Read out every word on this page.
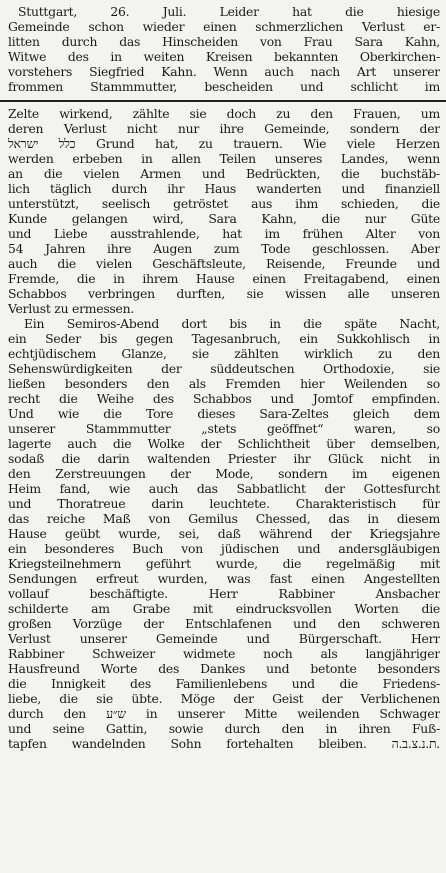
Stuttgart, 26. Juli. Leider hat die hiesige
Gemeinde schon wieder einen schmerzlichen Verlust er-
litten durch das Hinscheiden von Frau Sara Kahn,
Witwe des in weiten Kreisen bekannten Oberkirchen-
vorstehers Siegfried Kahn. Wenn auch nach Art unserer
frommen Stammmutter, bescheiden und schlicht im
Zelte wirkend, zählte sie doch zu den Frauen, um
deren Verlust nicht nur ihre Gemeinde, sondern der
כלל ישראל Grund hat, zu trauern. Wie viele Herzen
werden erbeben in allen Teilen unseres Landes, wenn
an die vielen Armen und Bedrückten, die buchstäb-
lich täglich durch ihr Haus wanderten und finanziell
unterstützt, seelisch getröstet aus ihm schieden, die
Kunde gelangen wird, Sara Kahn, die nur Güte
und Liebe ausstrahlende, hat im frühen Alter von
54 Jahren ihre Augen zum Tode geschlossen. Aber
auch die vielen Geschäftsleute, Reisende, Freunde und
Fremde, die in ihrem Hause einen Freitagabend, einen
Schabbos verbringen durften, sie wissen alle unseren
Verlust zu ermessen.
Ein Semiros-Abend dort bis in die späte Nacht,
ein Seder bis gegen Tagesanbruch, ein Sukkohlisch in
echtjüdischem Glanze, sie zählten wirklich zu den
Sehenswürdigkeiten der süddeutschen Orthodoxie, sie
ließen besonders den als Fremden hier Weilenden so
recht die Weihe des Schabbos und Jomtof empfinden.
Und wie die Tore dieses Sara-Zeltes gleich dem
unserer Stammmutter „stets geöffnet“ waren, so
lagerte auch die Wolke der Schlichtheit über demselben,
sodaß die darin waltenden Priester ihr Glück nicht in
den Zerstreuungen der Mode, sondern im eigenen
Heim fand, wie auch das Sabbatlicht der Gottesfurcht
und Thoratreue darin leuchtete. Charakteristisch für
das reiche Maß von Gemilus Chessed, das in diesem
Hause geübt wurde, sei, daß während der Kriegsjahre
ein besonderes Buch von jüdischen und andersgläubigen
Kriegsteilnehmern geführt wurde, die regelmäßig mit
Sendungen erfreut wurden, was fast einen Angestellten
vollauf beschäftigte. Herr Rabbiner Ansbacher
schilderte am Grabe mit eindrucksvollen Worten die
großen Vorzüge der Entschlafenen und den schweren
Verlust unserer Gemeinde und Bürgerschaft. Herr
Rabbiner Schweizer widmete noch als langjähriger
Hausfreund Worte des Dankes und betonte besonders
die Innigkeit des Familienlebens und die Friedens-
liebe, die sie übte. Möge der Geist der Verblichenen
durch den ש״ע in unserer Mitte weilenden Schwager
und seine Gattin, sowie durch den in ihren Fuß-
tapfen wandelnden Sohn fortehalten bleiben. ת.נ.צ.ב.ה.
